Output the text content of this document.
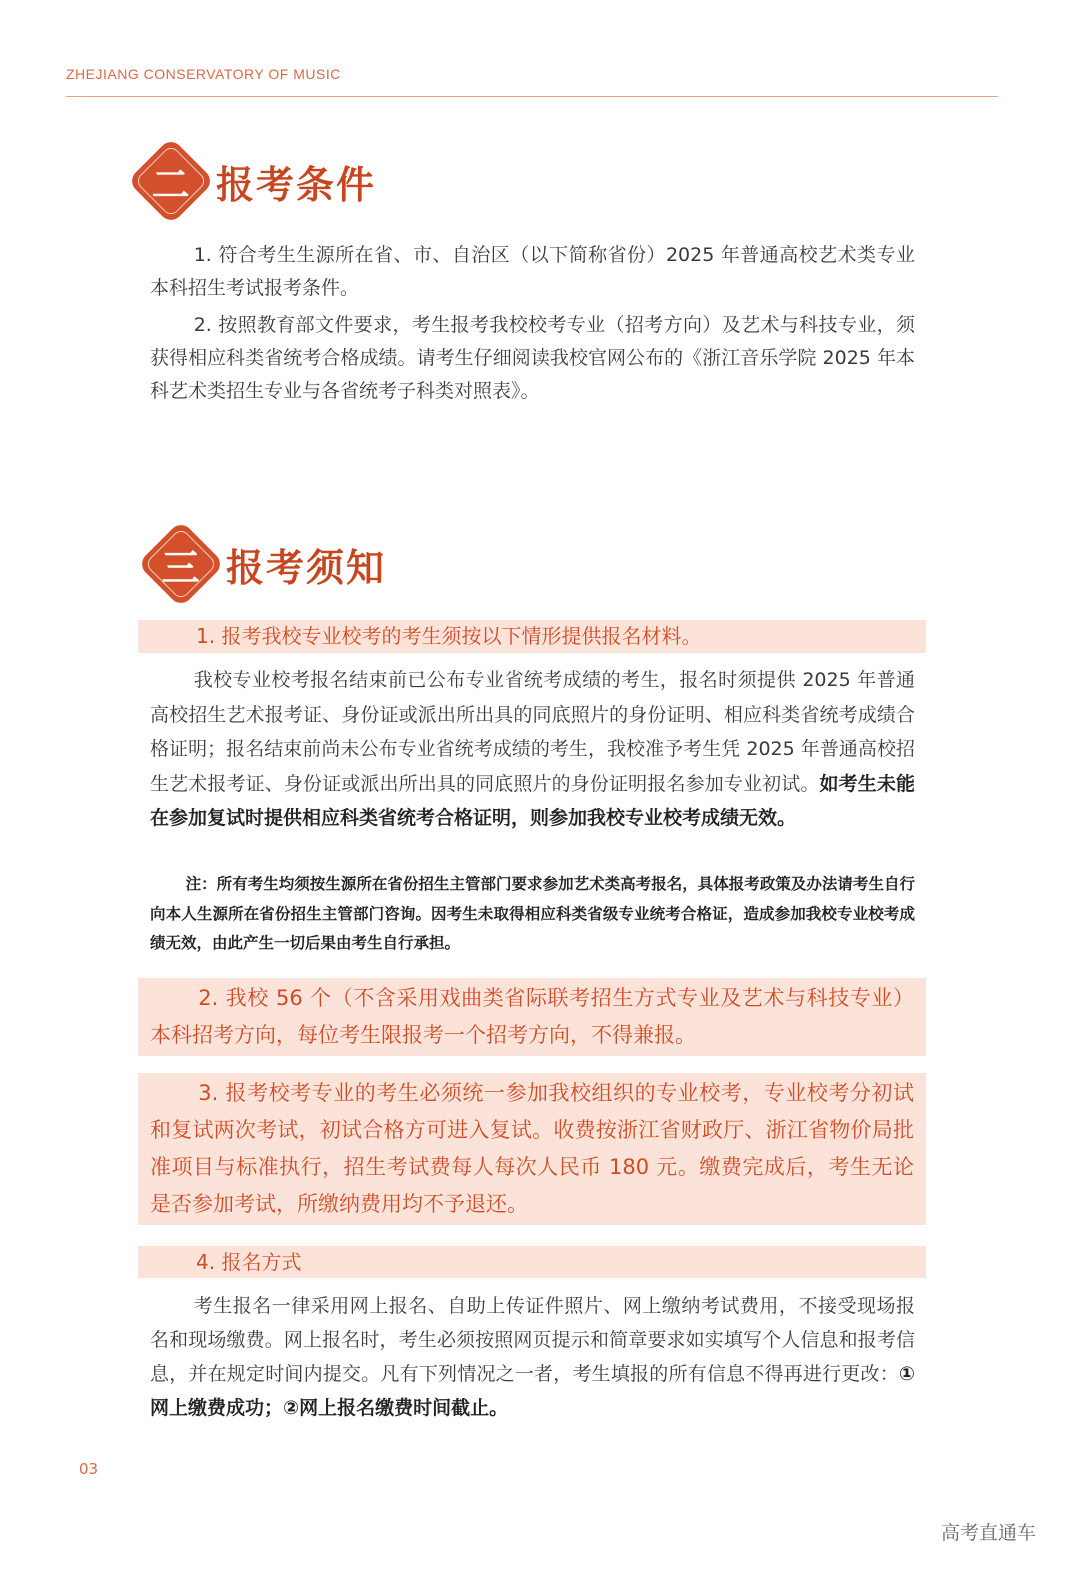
ZHEJIANG CONSERVATORY OF MUSIC
二 报考条件
1. 符合考生生源所在省、市、自治区（以下简称省份）2025 年普通高校艺术类专业本科招生考试报考条件。
2. 按照教育部文件要求，考生报考我校校考专业（招考方向）及艺术与科技专业，须获得相应科类省统考合格成绩。请考生仔细阅读我校官网公布的《浙江音乐学院 2025 年本科艺术类招生专业与各省统考子科类对照表》。
三 报考须知
1. 报考我校专业校考的考生须按以下情形提供报名材料。
我校专业校考报名结束前已公布专业省统考成绩的考生，报名时须提供 2025 年普通高校招生艺术报考证、身份证或派出所出具的同底照片的身份证明、相应科类省统考成绩合格证明；报名结束前尚未公布专业省统考成绩的考生，我校准予考生凭 2025 年普通高校招生艺术报考证、身份证或派出所出具的同底照片的身份证明报名参加专业初试。如考生未能在参加复试时提供相应科类省统考合格证明，则参加我校专业校考成绩无效。
注：所有考生均须按生源所在省份招生主管部门要求参加艺术类高考报名，具体报考政策及办法请考生自行向本人生源所在省份招生主管部门咨询。因考生未取得相应科类省级专业统考合格证，造成参加我校专业校考成绩无效，由此产生一切后果由考生自行承担。
2. 我校 56 个（不含采用戏曲类省际联考招生方式专业及艺术与科技专业）本科招考方向，每位考生限报考一个招考方向，不得兼报。
3. 报考校考专业的考生必须统一参加我校组织的专业校考，专业校考分初试和复试两次考试，初试合格方可进入复试。收费按浙江省财政厅、浙江省物价局批准项目与标准执行，招生考试费每人每次人民币 180 元。缴费完成后，考生无论是否参加考试，所缴纳费用均不予退还。
4. 报名方式
考生报名一律采用网上报名、自助上传证件照片、网上缴纳考试费用，不接受现场报名和现场缴费。网上报名时，考生必须按照网页提示和简章要求如实填写个人信息和报考信息，并在规定时间内提交。凡有下列情况之一者，考生填报的所有信息不得再进行更改：①网上缴费成功；②网上报名缴费时间截止。
03
高考直通车
